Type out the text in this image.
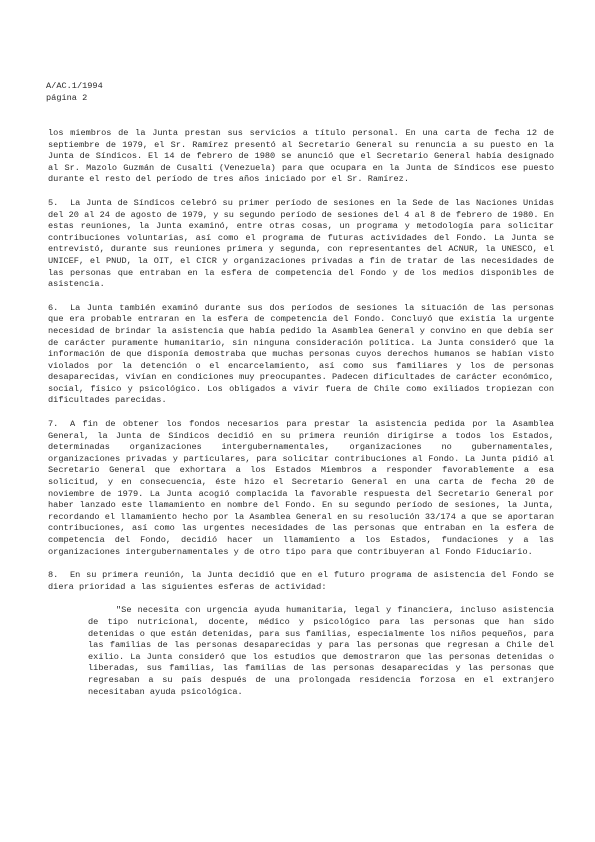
A/AC.1/1994
página 2

los miembros de la Junta prestan sus servicios a título personal. En una carta de fecha 12 de septiembre de 1979, el Sr. Ramírez presentó al Secretario General su renuncia a su puesto en la Junta de Síndicos. El 14 de febrero de 1980 se anunció que el Secretario General había designado al Sr. Mazolo Guzmán de Cusalti (Venezuela) para que ocupara en la Junta de Síndicos ese puesto durante el resto del período de tres años iniciado por el Sr. Ramírez.

5. La Junta de Síndicos celebró su primer período de sesiones en la Sede de las Naciones Unidas del 20 al 24 de agosto de 1979, y su segundo período de sesiones del 4 al 8 de febrero de 1980. En estas reuniones, la Junta examinó, entre otras cosas, un programa y metodología para solicitar contribuciones voluntarias, así como el programa de futuras actividades del Fondo. La Junta se entrevistó, durante sus reuniones primera y segunda, con representantes del ACNUR, la UNESCO, el UNICEF, el PNUD, la OIT, el CICR y organizaciones privadas a fin de tratar de las necesidades de las personas que entraban en la esfera de competencia del Fondo y de los medios disponibles de asistencia.

6. La Junta también examinó durante sus dos períodos de sesiones la situación de las personas que era probable entraran en la esfera de competencia del Fondo. Concluyó que existía la urgente necesidad de brindar la asistencia que había pedido la Asamblea General y convino en que debía ser de carácter puramente humanitario, sin ninguna consideración política. La Junta consideró que la información de que disponía demostraba que muchas personas cuyos derechos humanos se habían visto violados por la detención o el encarcelamiento, así como sus familiares y los de personas desaparecidas, vivían en condiciones muy preocupantes. Padecen dificultades de carácter económico, social, físico y psicológico. Los obligados a vivir fuera de Chile como exiliados tropiezan con dificultades parecidas.

7. A fin de obtener los fondos necesarios para prestar la asistencia pedida por la Asamblea General, la Junta de Síndicos decidió en su primera reunión dirigirse a todos los Estados, determinadas organizaciones intergubernamentales, organizaciones no gubernamentales, organizaciones privadas y particulares, para solicitar contribuciones al Fondo. La Junta pidió al Secretario General que exhortara a los Estados Miembros a responder favorablemente a esa solicitud, y en consecuencia, éste hizo el Secretario General en una carta de fecha 20 de noviembre de 1979. La Junta acogió complacida la favorable respuesta del Secretario General por haber lanzado este llamamiento en nombre del Fondo. En su segundo período de sesiones, la Junta, recordando el llamamiento hecho por la Asamblea General en su resolución 33/174 a que se aportaran contribuciones, así como las urgentes necesidades de las personas que entraban en la esfera de competencia del Fondo, decidió hacer un llamamiento a los Estados, fundaciones y a las organizaciones intergubernamentales y de otro tipo para que contribuyeran al Fondo Fiduciario.

8. En su primera reunión, la Junta decidió que en el futuro programa de asistencia del Fondo se diera prioridad a las siguientes esferas de actividad:

"Se necesita con urgencia ayuda humanitaria, legal y financiera, incluso asistencia de tipo nutricional, docente, médico y psicológico para las personas que han sido detenidas o que están detenidas, para sus familias, especialmente los niños pequeños, para las familias de las personas desaparecidas y para las personas que regresan a Chile del exilio. La Junta consideró que los estudios que demostraron que las personas detenidas o liberadas, sus familias, las familias de las personas desaparecidas y las personas que regresaban a su país después de una prolongada residencia forzosa en el extranjero necesitaban ayuda psicológica.
